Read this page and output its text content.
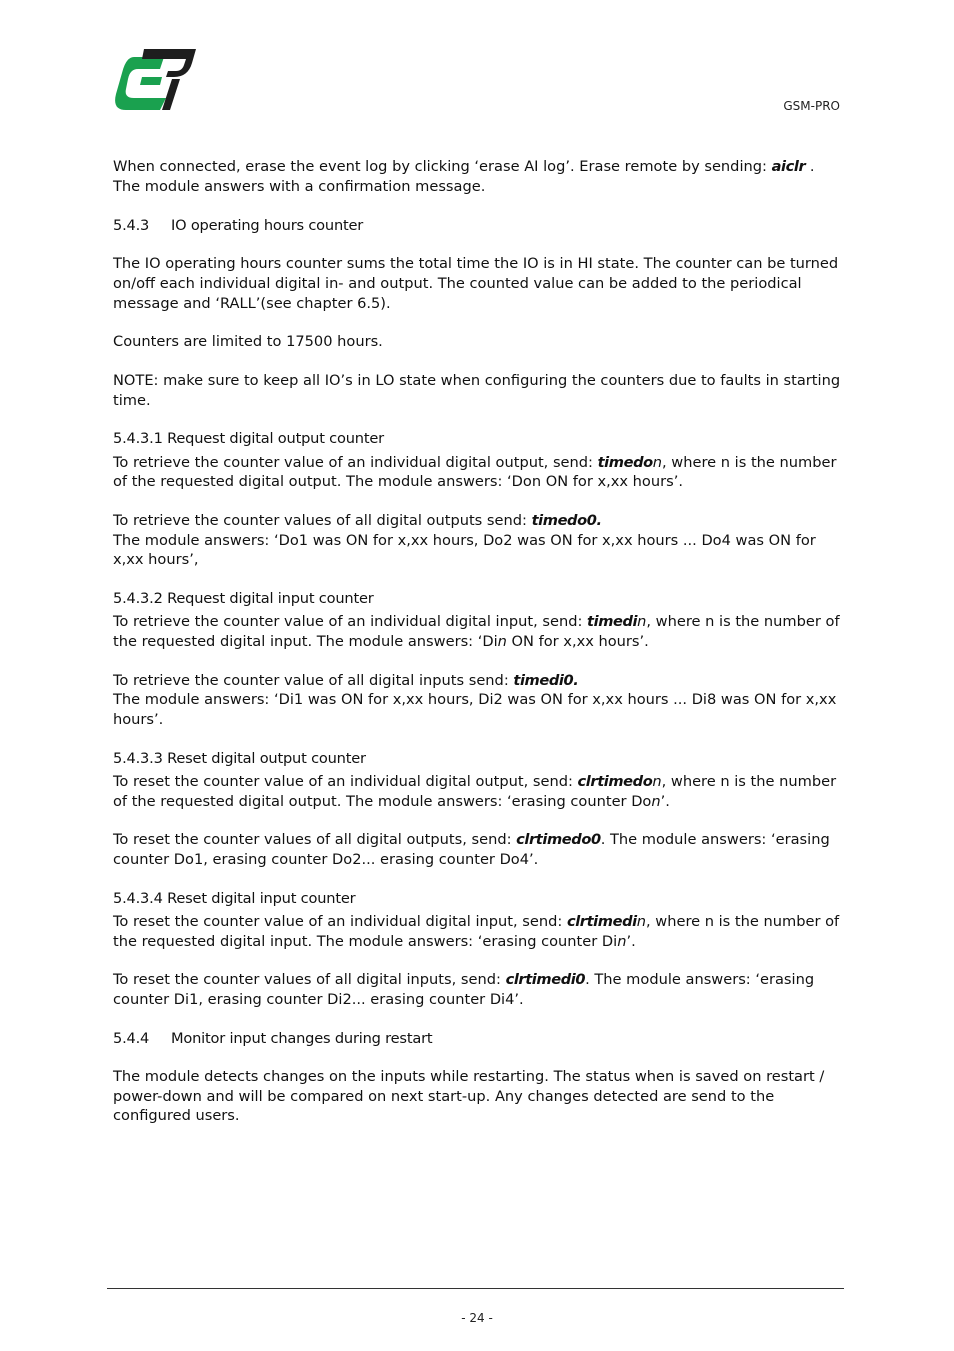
GSM-PRO

When connected, erase the event log by clicking ‘erase AI log’. Erase remote by sending: aiclr . The module answers with a confirmation message.

5.4.3 IO operating hours counter

The IO operating hours counter sums the total time the IO is in HI state. The counter can be turned on/off each individual digital in- and output. The counted value can be added to the periodical message and ‘RALL’(see chapter 6.5).

Counters are limited to 17500 hours.

NOTE: make sure to keep all IO’s in LO state when configuring the counters due to faults in starting time.

5.4.3.1 Request digital output counter

To retrieve the counter value of an individual digital output, send: timedon, where n is the number of the requested digital output. The module answers: ‘Don ON for x,xx hours’.

To retrieve the counter values of all digital outputs send: timedo0.

The module answers: ‘Do1 was ON for x,xx hours, Do2 was ON for x,xx hours ... Do4 was ON for x,xx hours’,

5.4.3.2 Request digital input counter

To retrieve the counter value of an individual digital input, send: timedin, where n is the number of the requested digital input. The module answers: ‘Din ON for x,xx hours’.

To retrieve the counter value of all digital inputs send: timedi0.

The module answers: ‘Di1 was ON for x,xx hours, Di2 was ON for x,xx hours ... Di8 was ON for x,xx hours’.

5.4.3.3 Reset digital output counter

To reset the counter value of an individual digital output, send: clrtimedon, where n is the number of the requested digital output. The module answers: ‘erasing counter Don’.

To reset the counter values of all digital outputs, send: clrtimedo0. The module answers: ‘erasing counter Do1, erasing counter Do2... erasing counter Do4’.

5.4.3.4 Reset digital input counter

To reset the counter value of an individual digital input, send: clrtimedin, where n is the number of the requested digital input. The module answers: ‘erasing counter Din’.

To reset the counter values of all digital inputs, send: clrtimedi0. The module answers: ‘erasing counter Di1, erasing counter Di2... erasing counter Di4’.

5.4.4 Monitor input changes during restart

The module detects changes on the inputs while restarting. The status when is saved on restart / power-down and will be compared on next start-up. Any changes detected are send to the configured users.

- 24 -
